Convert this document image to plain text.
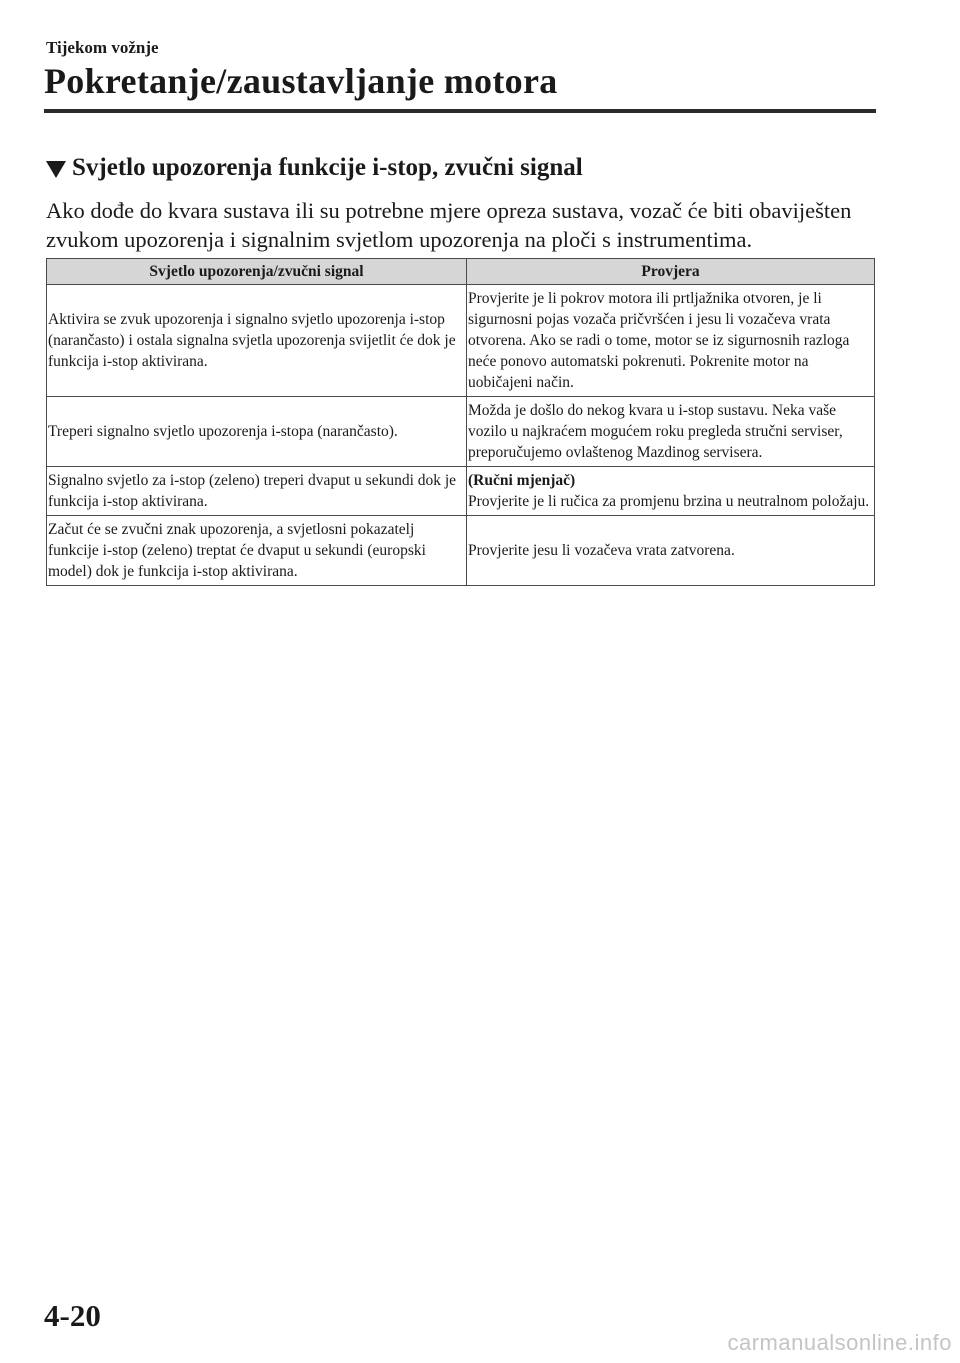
Tijekom vožnje
Pokretanje/zaustavljanje motora
Svjetlo upozorenja funkcije i-stop, zvučni signal
Ako dođe do kvara sustava ili su potrebne mjere opreza sustava, vozač će biti obaviješten zvukom upozorenja i signalnim svjetlom upozorenja na ploči s instrumentima.
Svjetlo upozorenja/zvučni signal	Provjera
Aktivira se zvuk upozorenja i signalno svjetlo upozorenja i-stop (narančasto) i ostala signalna svjetla upozorenja svijetlit će dok je funkcija i-stop aktivirana.	Provjerite je li pokrov motora ili prtljažnika otvoren, je li sigurnosni pojas vozača pričvršćen i jesu li vozačeva vrata otvorena. Ako se radi o tome, motor se iz sigurnosnih razloga neće ponovo automatski pokrenuti. Pokrenite motor na uobičajeni način.
Treperi signalno svjetlo upozorenja i-stopa (narančasto).	Možda je došlo do nekog kvara u i-stop sustavu. Neka vaše vozilo u najkraćem mogućem roku pregleda stručni serviser, preporučujemo ovlaštenog Mazdinog servisera.
Signalno svjetlo za i-stop (zeleno) treperi dvaput u sekundi dok je funkcija i-stop aktivirana.	(Ručni mjenjač)
Provjerite je li ručica za promjenu brzina u neutralnom položaju.

Začut će se zvučni znak upozorenja, a svjetlosni pokazatelj funkcije i-stop (zeleno) treptat će dvaput u sekundi (europski model) dok je funkcija i-stop aktivirana.	Provjerite jesu li vozačeva vrata zatvorena.
4-20
carmanualsonline.info
